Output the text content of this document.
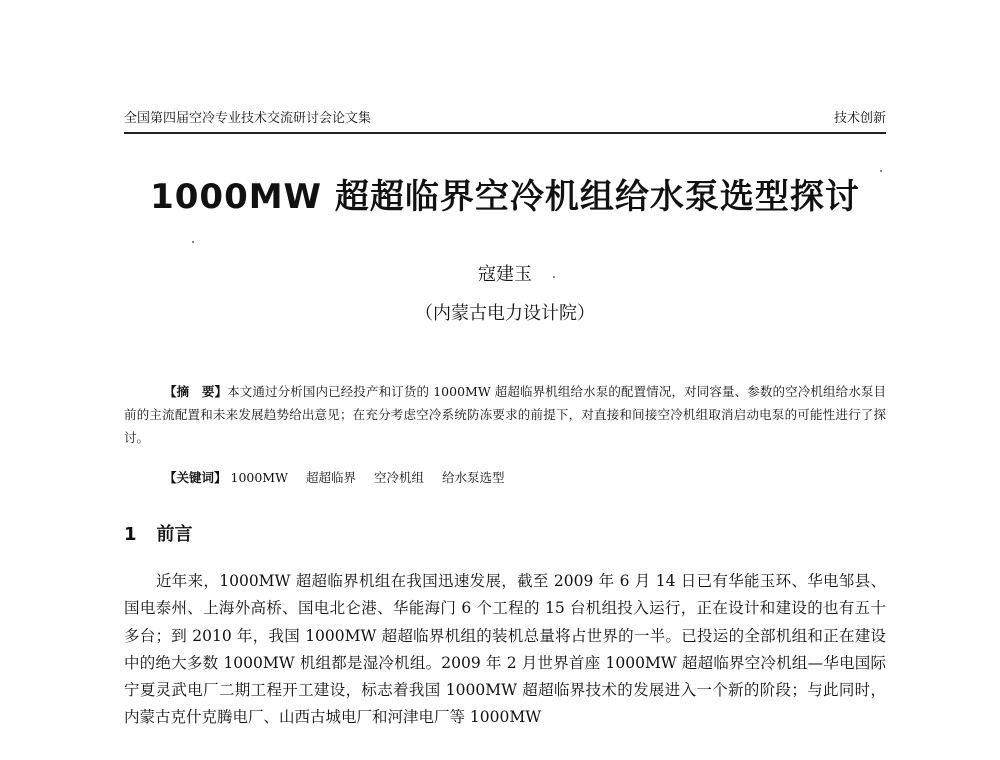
全国第四届空冷专业技术交流研讨会论文集	技术创新
1000MW 超超临界空冷机组给水泵选型探讨
寇建玉
（内蒙古电力设计院）
【摘　要】本文通过分析国内已经投产和订货的 1000MW 超超临界机组给水泵的配置情况，对同容量、参数的空冷机组给水泵目前的主流配置和未来发展趋势给出意见；在充分考虑空冷系统防冻要求的前提下，对直接和间接空冷机组取消启动电泵的可能性进行了探讨。
【关键词】 1000MW 超超临界 空冷机组 给水泵选型
1 前言
近年来，1000MW 超超临界机组在我国迅速发展，截至 2009 年 6 月 14 日已有华能玉环、华电邹县、国电泰州、上海外高桥、国电北仑港、华能海门 6 个工程的 15 台机组投入运行，正在设计和建设的也有五十多台；到 2010 年，我国 1000MW 超超临界机组的装机总量将占世界的一半。已投运的全部机组和正在建设中的绝大多数 1000MW 机组都是湿冷机组。2009 年 2 月世界首座 1000MW 超超临界空冷机组—华电国际宁夏灵武电厂二期工程开工建设，标志着我国 1000MW 超超临界技术的发展进入一个新的阶段；与此同时，内蒙古克什克腾电厂、山西古城电厂和河津电厂等 1000MW
